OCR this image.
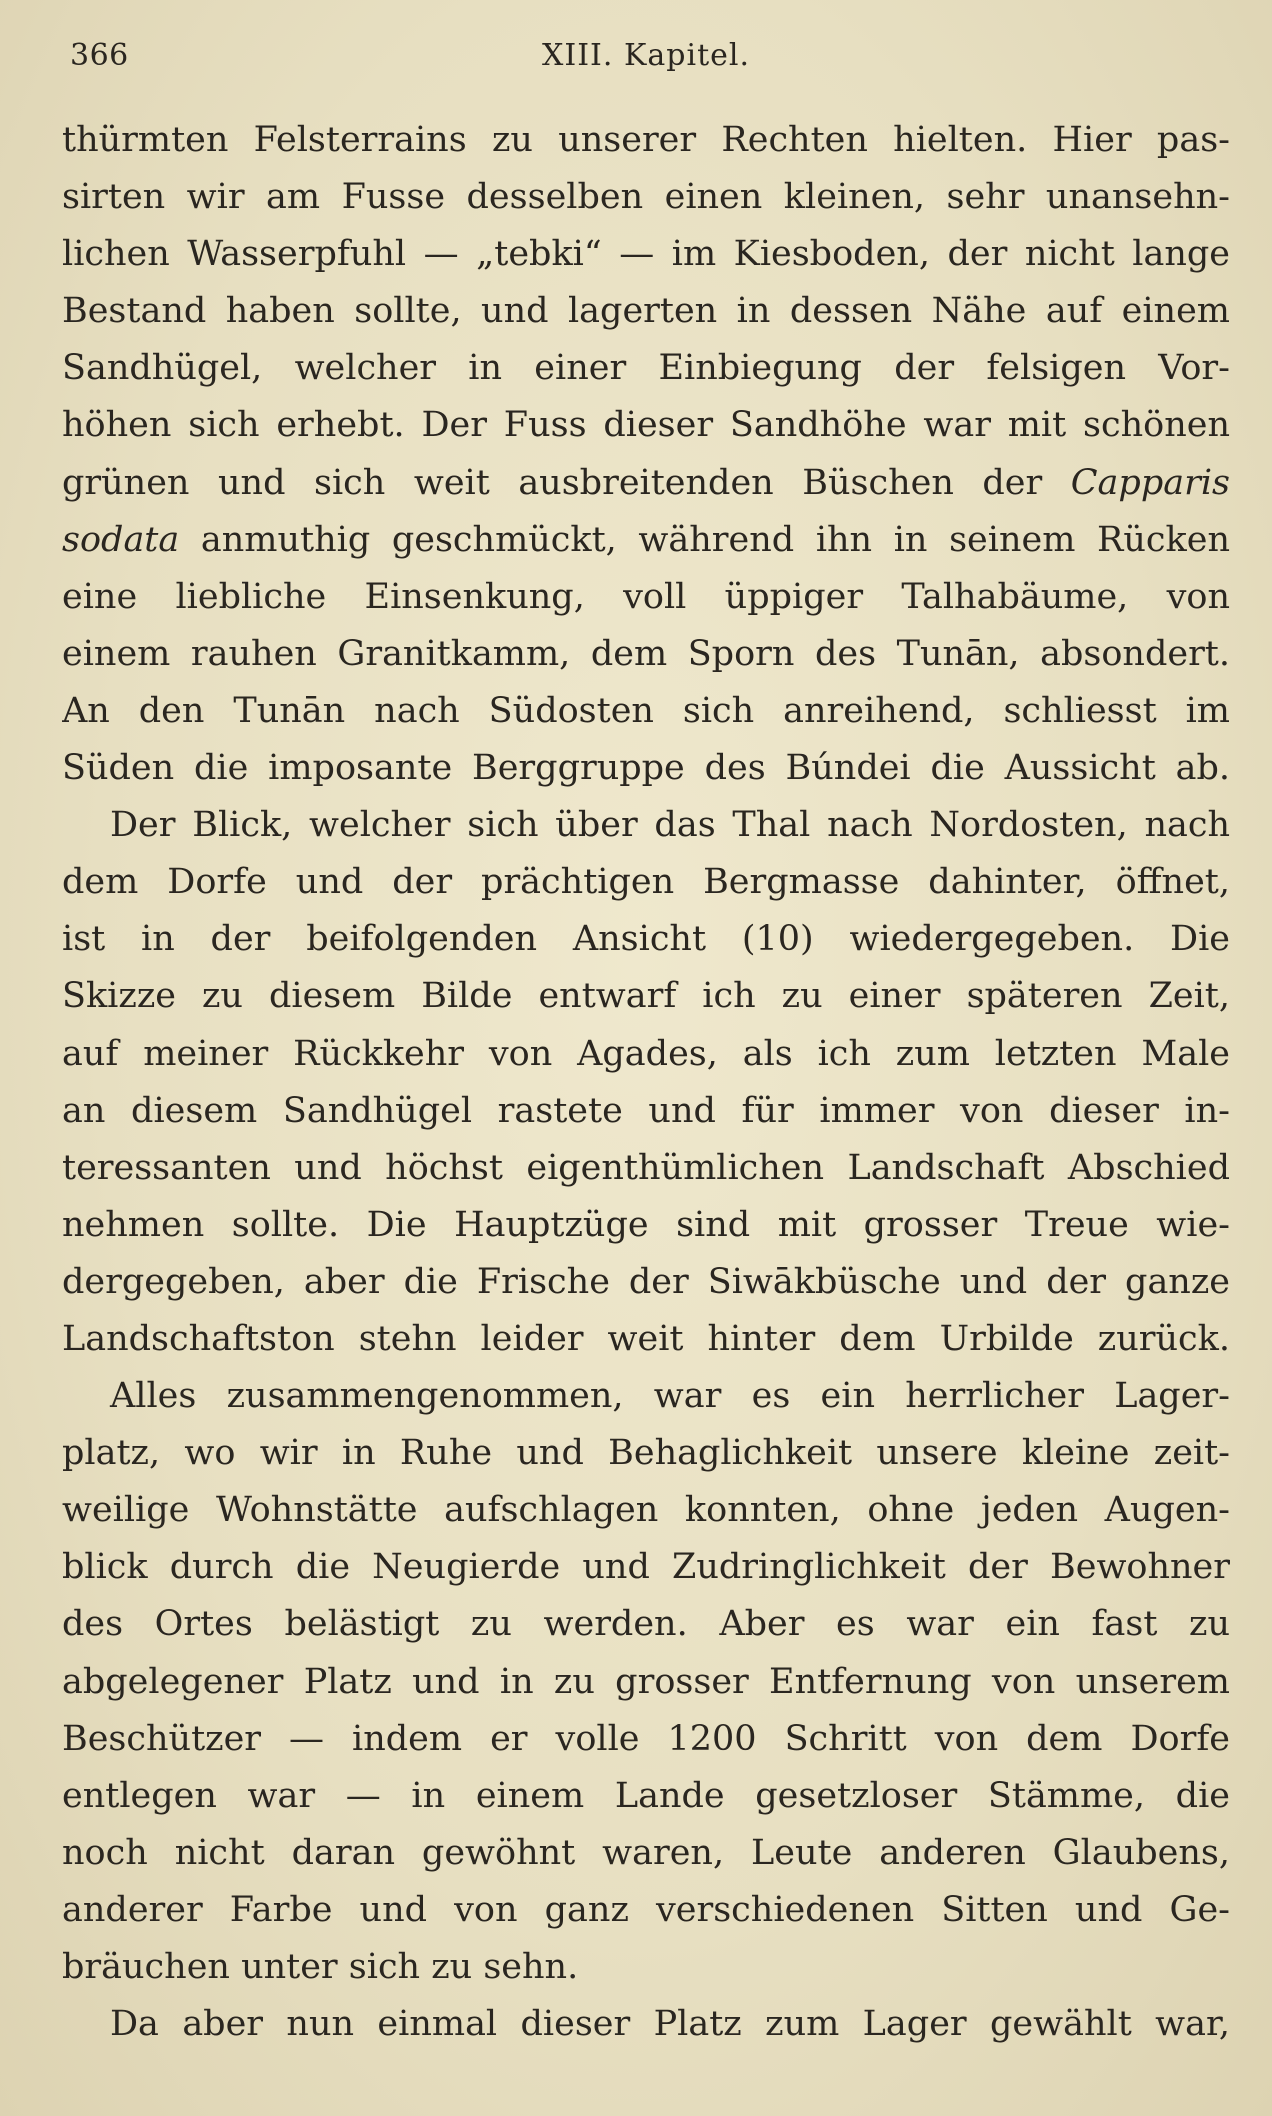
366	XIII. Kapitel.
thürmten Felsterrains zu unserer Rechten hielten. Hier pas-
sirten wir am Fusse desselben einen kleinen, sehr unansehn-
lichen Wasserpfuhl — „tebki“ — im Kiesboden, der nicht lange
Bestand haben sollte, und lagerten in dessen Nähe auf einem
Sandhügel, welcher in einer Einbiegung der felsigen Vor-
höhen sich erhebt. Der Fuss dieser Sandhöhe war mit schönen
grünen und sich weit ausbreitenden Büschen der Capparis
sodata anmuthig geschmückt, während ihn in seinem Rücken
eine liebliche Einsenkung, voll üppiger Talhabäume, von
einem rauhen Granitkamm, dem Sporn des Tunān, absondert.
An den Tunān nach Südosten sich anreihend, schliesst im
Süden die imposante Berggruppe des Búndei die Aussicht ab.
Der Blick, welcher sich über das Thal nach Nordosten, nach
dem Dorfe und der prächtigen Bergmasse dahinter, öffnet,
ist in der beifolgenden Ansicht (10) wiedergegeben. Die
Skizze zu diesem Bilde entwarf ich zu einer späteren Zeit,
auf meiner Rückkehr von Agades, als ich zum letzten Male
an diesem Sandhügel rastete und für immer von dieser in-
teressanten und höchst eigenthümlichen Landschaft Abschied
nehmen sollte. Die Hauptzüge sind mit grosser Treue wie-
dergegeben, aber die Frische der Siwākbüsche und der ganze
Landschaftston stehn leider weit hinter dem Urbilde zurück.
Alles zusammengenommen, war es ein herrlicher Lager-
platz, wo wir in Ruhe und Behaglichkeit unsere kleine zeit-
weilige Wohnstätte aufschlagen konnten, ohne jeden Augen-
blick durch die Neugierde und Zudringlichkeit der Bewohner
des Ortes belästigt zu werden. Aber es war ein fast zu
abgelegener Platz und in zu grosser Entfernung von unserem
Beschützer — indem er volle 1200 Schritt von dem Dorfe
entlegen war — in einem Lande gesetzloser Stämme, die
noch nicht daran gewöhnt waren, Leute anderen Glaubens,
anderer Farbe und von ganz verschiedenen Sitten und Ge-
bräuchen unter sich zu sehn.
Da aber nun einmal dieser Platz zum Lager gewählt war,
